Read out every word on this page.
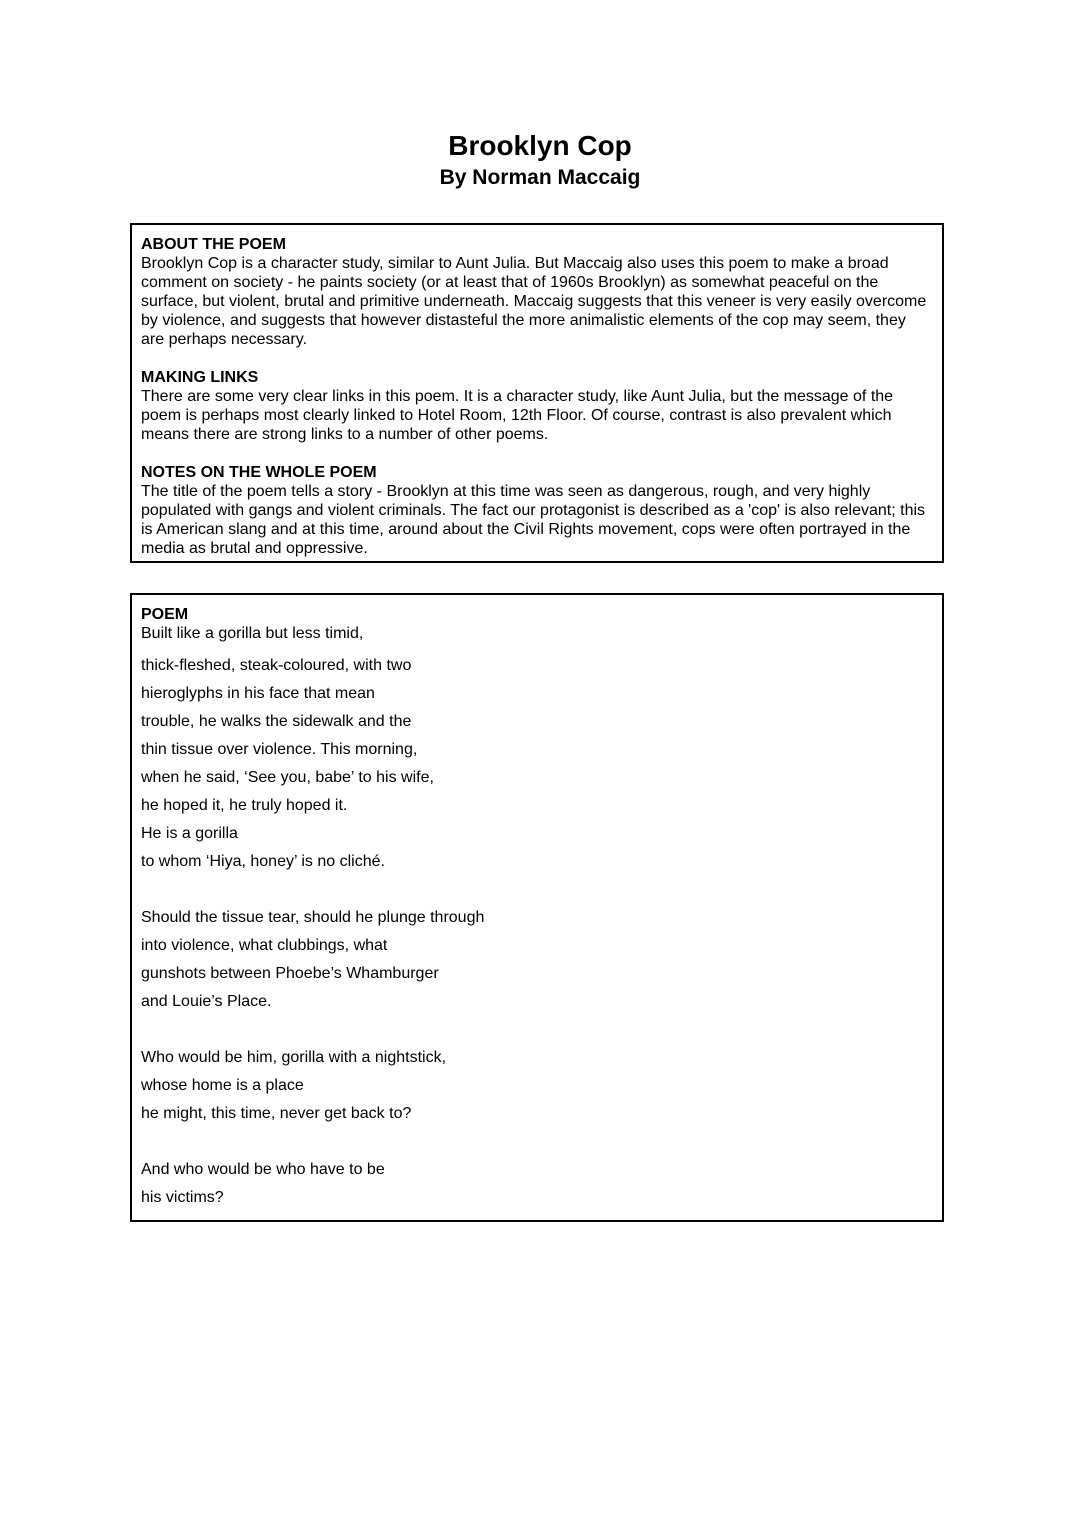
Brooklyn Cop
By Norman Maccaig

ABOUT THE POEM

Brooklyn Cop is a character study, similar to Aunt Julia. But Maccaig also uses this poem to make a broad comment on society - he paints society (or at least that of 1960s Brooklyn) as somewhat peaceful on the surface, but violent, brutal and primitive underneath. Maccaig suggests that this veneer is very easily overcome by violence, and suggests that however distasteful the more animalistic elements of the cop may seem, they are perhaps necessary.

MAKING LINKS

There are some very clear links in this poem. It is a character study, like Aunt Julia, but the message of the poem is perhaps most clearly linked to Hotel Room, 12th Floor. Of course, contrast is also prevalent which means there are strong links to a number of other poems.

NOTES ON THE WHOLE POEM

The title of the poem tells a story - Brooklyn at this time was seen as dangerous, rough, and very highly populated with gangs and violent criminals. The fact our protagonist is described as a 'cop' is also relevant; this is American slang and at this time, around about the Civil Rights movement, cops were often portrayed in the media as brutal and oppressive.

POEM

Built like a gorilla but less timid,

thick-fleshed, steak-coloured, with two

hieroglyphs in his face that mean

trouble, he walks the sidewalk and the

thin tissue over violence. This morning,

when he said, ‘See you, babe’ to his wife,

he hoped it, he truly hoped it.

He is a gorilla

to whom ‘Hiya, honey’ is no cliché.

Should the tissue tear, should he plunge through

into violence, what clubbings, what

gunshots between Phoebe’s Whamburger

and Louie’s Place.

Who would be him, gorilla with a nightstick,

whose home is a place

he might, this time, never get back to?

And who would be who have to be

his victims?
